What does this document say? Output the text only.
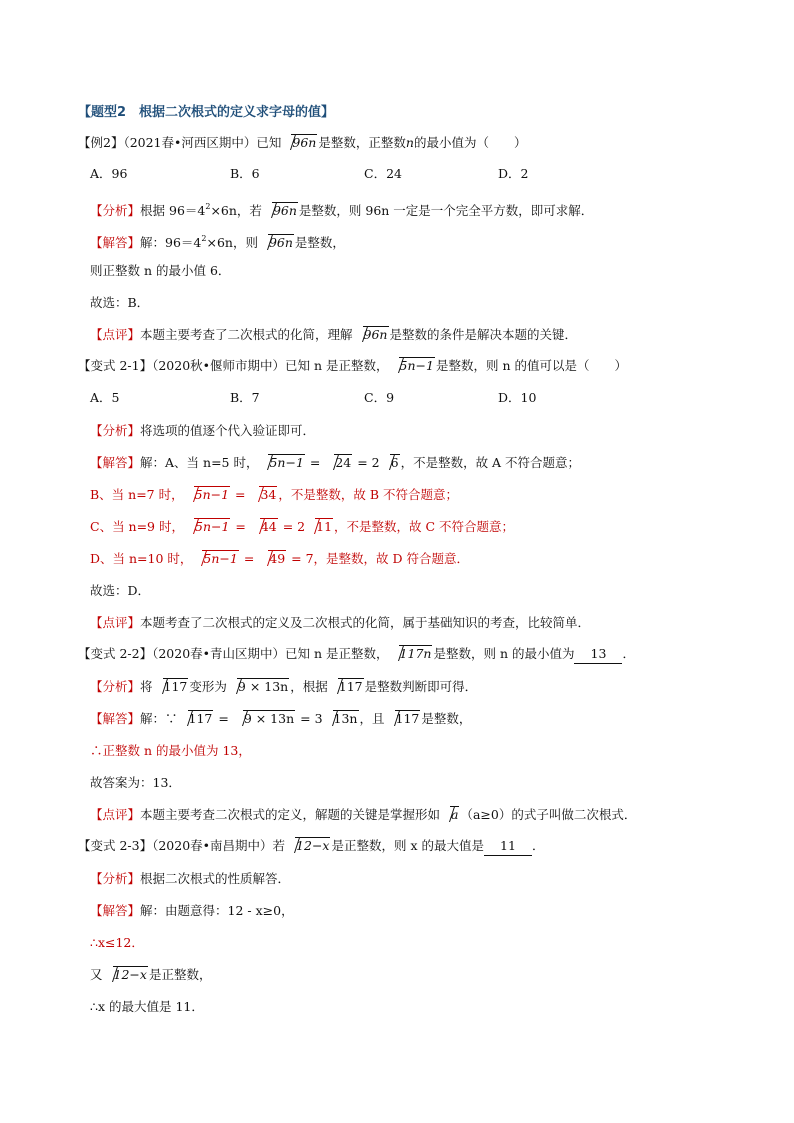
【题型2　根据二次根式的定义求字母的值】
【例2】（2021春•河西区期中）已知 96n 是整数，正整数n的最小值为（　　）
A．96	B．6	C．24	D．2
【分析】根据 $96=4^2\times 6n$，若 96n 是整数，则 96n 一定是一个完全平方数，即可求解．
【解答】解：$96=4^2\times 6n$，则 96n 是整数，
则正整数 n 的最小值 6．
故选：B．
【点评】本题主要考查了二次根式的化简，理解 96n 是整数的条件是解决本题的关键．
【变式 2-1】（2020秋•偃师市期中）已知 n 是正整数， 5n−1 是整数，则 n 的值可以是（　　）
A．5	B．7	C．9	D．10
【分析】将选项的值逐个代入验证即可．
【解答】解：A、当 n=5 时， 5n−1 = 24 = 2 6 ，不是整数，故 A 不符合题意；
B、当 n=7 时， 5n−1 = 34 ，不是整数，故 B 不符合题意；
C、当 n=9 时， 5n−1 = 44 = 2 11 ，不是整数，故 C 不符合题意；
D、当 n=10 时， 5n−1 = 49 = 7，是整数，故 D 符合题意．
故选：D．
【点评】本题考查了二次根式的定义及二次根式的化简，属于基础知识的考查，比较简单．
【变式 2-2】（2020春•青山区期中）已知 n 是正整数， 117n 是整数，则 n 的最小值为 13 ．
【分析】将 117 变形为 9 × 13n ，根据 117 是整数判断即可得．
【解答】解：∵ 117 = 9 × 13n = 3 13n ，且 117 是整数，
∴正整数 n 的最小值为 13，
故答案为：13．
【点评】本题主要考查二次根式的定义，解题的关键是掌握形如 a （a≥0）的式子叫做二次根式．
【变式 2-3】（2020春•南昌期中）若 12−x 是正整数，则 x 的最大值是 11 ．
【分析】根据二次根式的性质解答．
【解答】解：由题意得：12 - x≥0，
∴x≤12．
又 12−x 是正整数，
∴x 的最大值是 11．
